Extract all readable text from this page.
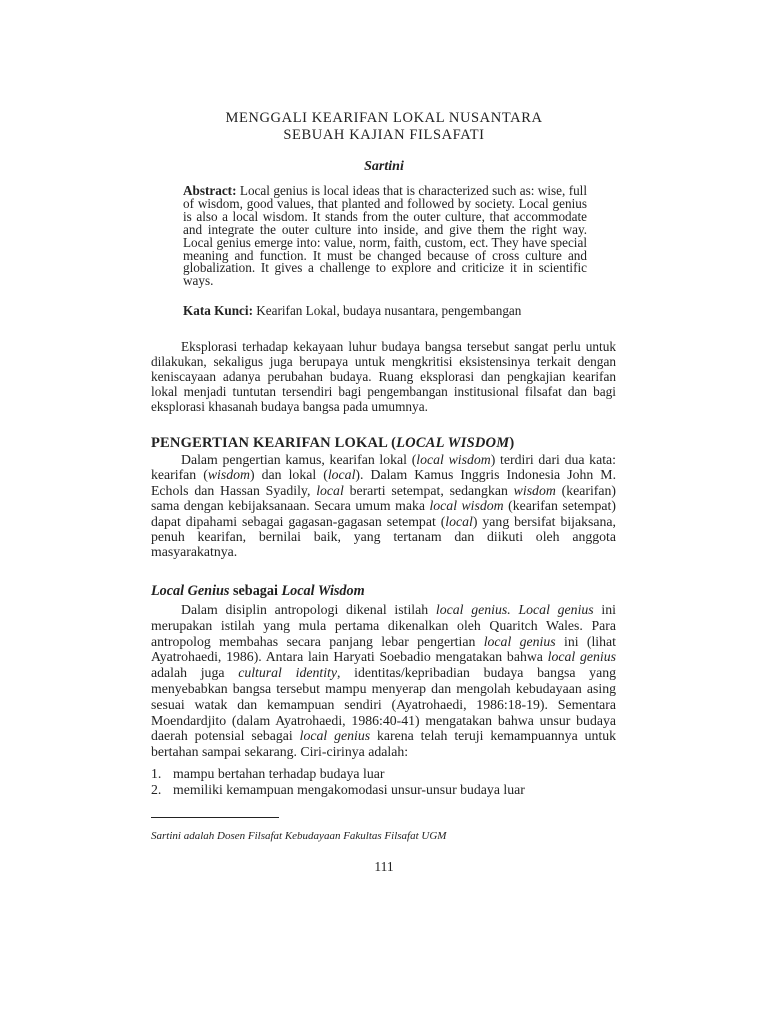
MENGGALI KEARIFAN LOKAL NUSANTARA
SEBUAH KAJIAN FILSAFATI
Sartini
Abstract: Local genius is local ideas that is characterized such as: wise, full of wisdom, good values, that planted and followed by society. Local genius is also a local wisdom. It stands from the outer culture, that accommodate and integrate the outer culture into inside, and give them the right way. Local genius emerge into: value, norm, faith, custom, ect. They have special meaning and function. It must be changed because of cross culture and globalization. It gives a challenge to explore and criticize it in scientific ways.
Kata Kunci: Kearifan Lokal, budaya nusantara, pengembangan
Eksplorasi terhadap kekayaan luhur budaya bangsa tersebut sangat perlu untuk dilakukan, sekaligus juga berupaya untuk mengkritisi eksistensinya terkait dengan keniscayaan adanya perubahan budaya. Ruang eksplorasi dan pengkajian kearifan lokal menjadi tuntutan tersendiri bagi pengembangan institusional filsafat dan bagi eksplorasi khasanah budaya bangsa pada umumnya.
PENGERTIAN KEARIFAN LOKAL (LOCAL WISDOM)
Dalam pengertian kamus, kearifan lokal (local wisdom) terdiri dari dua kata: kearifan (wisdom) dan lokal (local). Dalam Kamus Inggris Indonesia John M. Echols dan Hassan Syadily, local berarti setempat, sedangkan wisdom (kearifan) sama dengan kebijaksanaan. Secara umum maka local wisdom (kearifan setempat) dapat dipahami sebagai gagasan-gagasan setempat (local) yang bersifat bijaksana, penuh kearifan, bernilai baik, yang tertanam dan diikuti oleh anggota masyarakatnya.
Local Genius sebagai Local Wisdom
Dalam disiplin antropologi dikenal istilah local genius. Local genius ini merupakan istilah yang mula pertama dikenalkan oleh Quaritch Wales. Para antropolog membahas secara panjang lebar pengertian local genius ini (lihat Ayatrohaedi, 1986). Antara lain Haryati Soebadio mengatakan bahwa local genius adalah juga cultural identity, identitas/kepribadian budaya bangsa yang menyebabkan bangsa tersebut mampu menyerap dan mengolah kebudayaan asing sesuai watak dan kemampuan sendiri (Ayatrohaedi, 1986:18-19). Sementara Moendardjito (dalam Ayatrohaedi, 1986:40-41) mengatakan bahwa unsur budaya daerah potensial sebagai local genius karena telah teruji kemampuannya untuk bertahan sampai sekarang. Ciri-cirinya adalah:
1. mampu bertahan terhadap budaya luar
2. memiliki kemampuan mengakomodasi unsur-unsur budaya luar
Sartini adalah Dosen Filsafat Kebudayaan Fakultas Filsafat UGM
111
